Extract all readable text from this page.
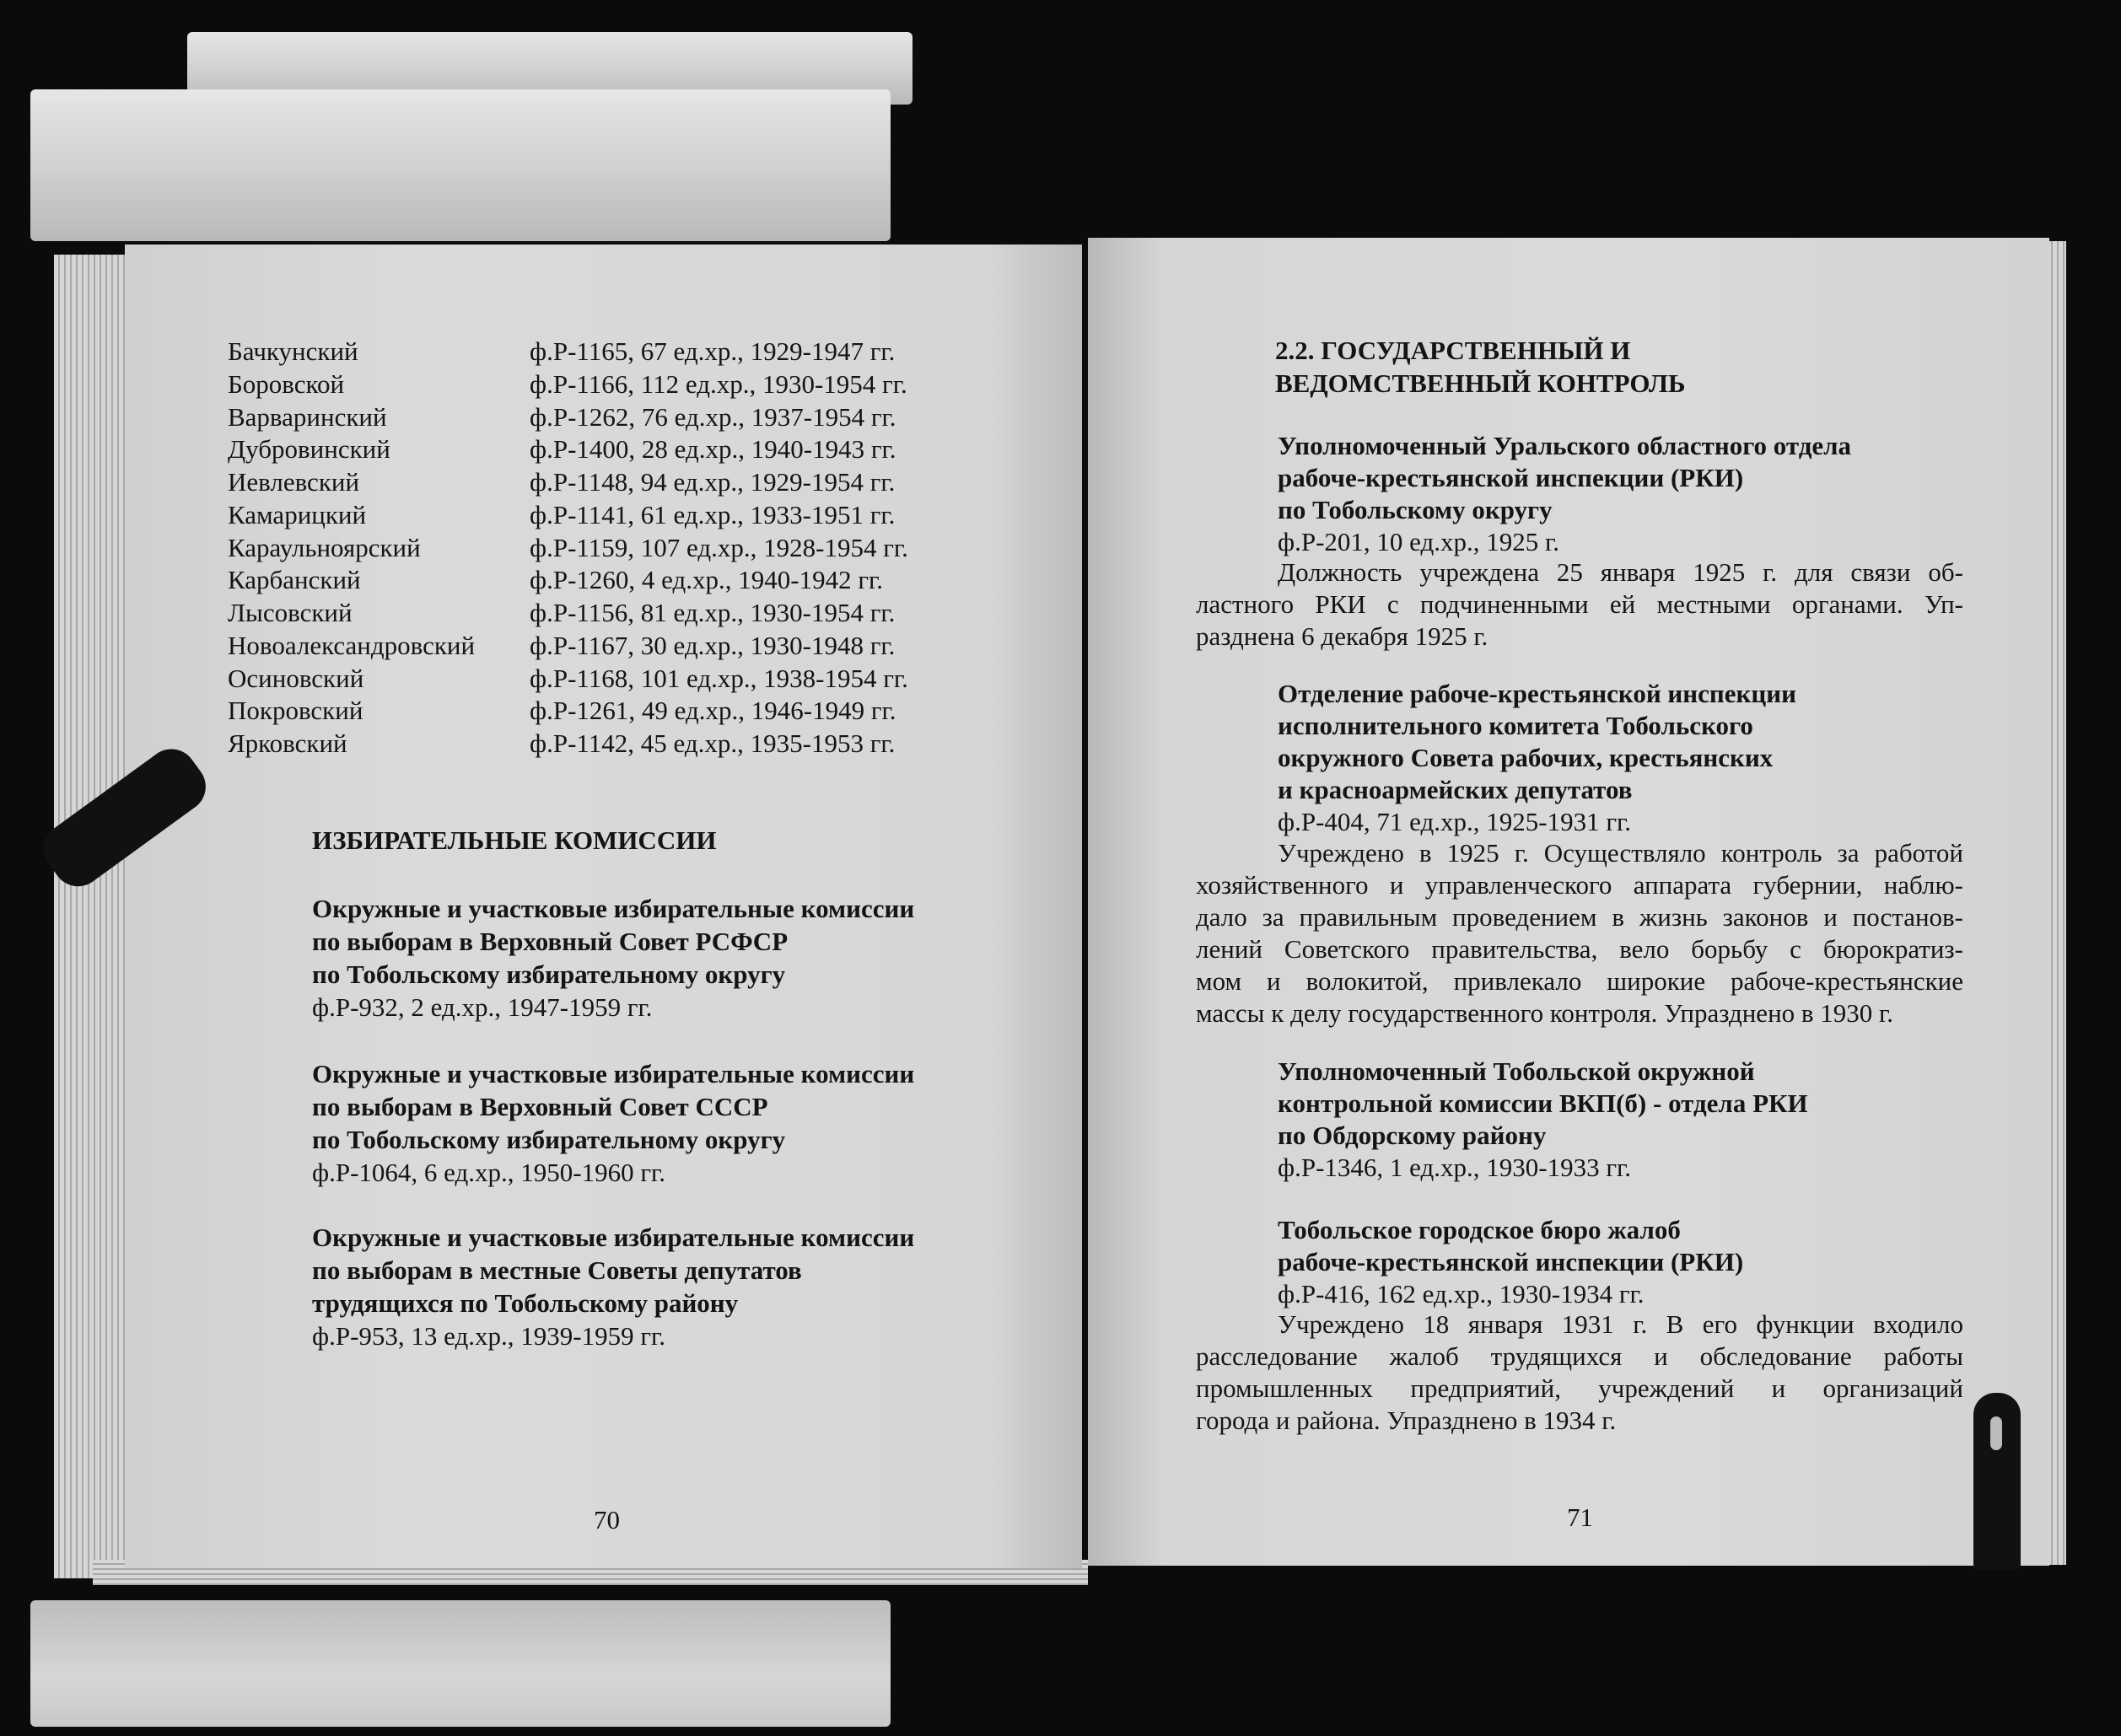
Бачкунский	ф.Р-1165, 67 ед.хр., 1929-1947 гг.
Боровской	ф.Р-1166, 112 ед.хр., 1930-1954 гг.
Варваринский	ф.Р-1262, 76 ед.хр., 1937-1954 гг.
Дубровинский	ф.Р-1400, 28 ед.хр., 1940-1943 гг.
Иевлевский	ф.Р-1148, 94 ед.хр., 1929-1954 гг.
Камарицкий	ф.Р-1141, 61 ед.хр., 1933-1951 гг.
Караульноярский	ф.Р-1159, 107 ед.хр., 1928-1954 гг.
Карбанский	ф.Р-1260, 4 ед.хр., 1940-1942 гг.
Лысовский	ф.Р-1156, 81 ед.хр., 1930-1954 гг.
Новоалександровский ф.Р-1167, 30 ед.хр., 1930-1948 гг.
Осиновский	ф.Р-1168, 101 ед.хр., 1938-1954 гг.
Покровский	ф.Р-1261, 49 ед.хр., 1946-1949 гг.
Ярковский	ф.Р-1142, 45 ед.хр., 1935-1953 гг.
ИЗБИРАТЕЛЬНЫЕ КОМИССИИ
Окружные и участковые избирательные комиссии
по выборам в Верховный Совет РСФСР
по Тобольскому избирательному округу
ф.Р-932, 2 ед.хр., 1947-1959 гг.
Окружные и участковые избирательные комиссии
по выборам в Верховный Совет СССР
по Тобольскому избирательному округу
ф.Р-1064, 6 ед.хр., 1950-1960 гг.
Окружные и участковые избирательные комиссии
по выборам в местные Советы депутатов
трудящихся по Тобольскому району
ф.Р-953, 13 ед.хр., 1939-1959 гг.
70
2.2. ГОСУДАРСТВЕННЫЙ И
ВЕДОМСТВЕННЫЙ КОНТРОЛЬ
Уполномоченный Уральского областного отдела
рабоче-крестьянской инспекции (РКИ)
по Тобольскому округу
ф.Р-201, 10 ед.хр., 1925 г.
Должность учреждена 25 января 1925 г. для связи об-
ластного РКИ с подчиненными ей местными органами. Уп-
разднена 6 декабря 1925 г.
Отделение рабоче-крестьянской инспекции
исполнительного комитета Тобольского
окружного Совета рабочих, крестьянских
и красноармейских депутатов
ф.Р-404, 71 ед.хр., 1925-1931 гг.
Учреждено в 1925 г. Осуществляло контроль за работой
хозяйственного и управленческого аппарата губернии, наблю-
дало за правильным проведением в жизнь законов и постанов-
лений Советского правительства, вело борьбу с бюрократиз-
мом и волокитой, привлекало широкие рабоче-крестьянские
массы к делу государственного контроля. Упразднено в 1930 г.
Уполномоченный Тобольской окружной
контрольной комиссии ВКП(б) - отдела РКИ
по Обдорскому району
ф.Р-1346, 1 ед.хр., 1930-1933 гг.
Тобольское городское бюро жалоб
рабоче-крестьянской инспекции (РКИ)
ф.Р-416, 162 ед.хр., 1930-1934 гг.
Учреждено 18 января 1931 г. В его функции входило
расследование жалоб трудящихся и обследование работы
промышленных предприятий, учреждений и организаций
города и района. Упразднено в 1934 г.
71
